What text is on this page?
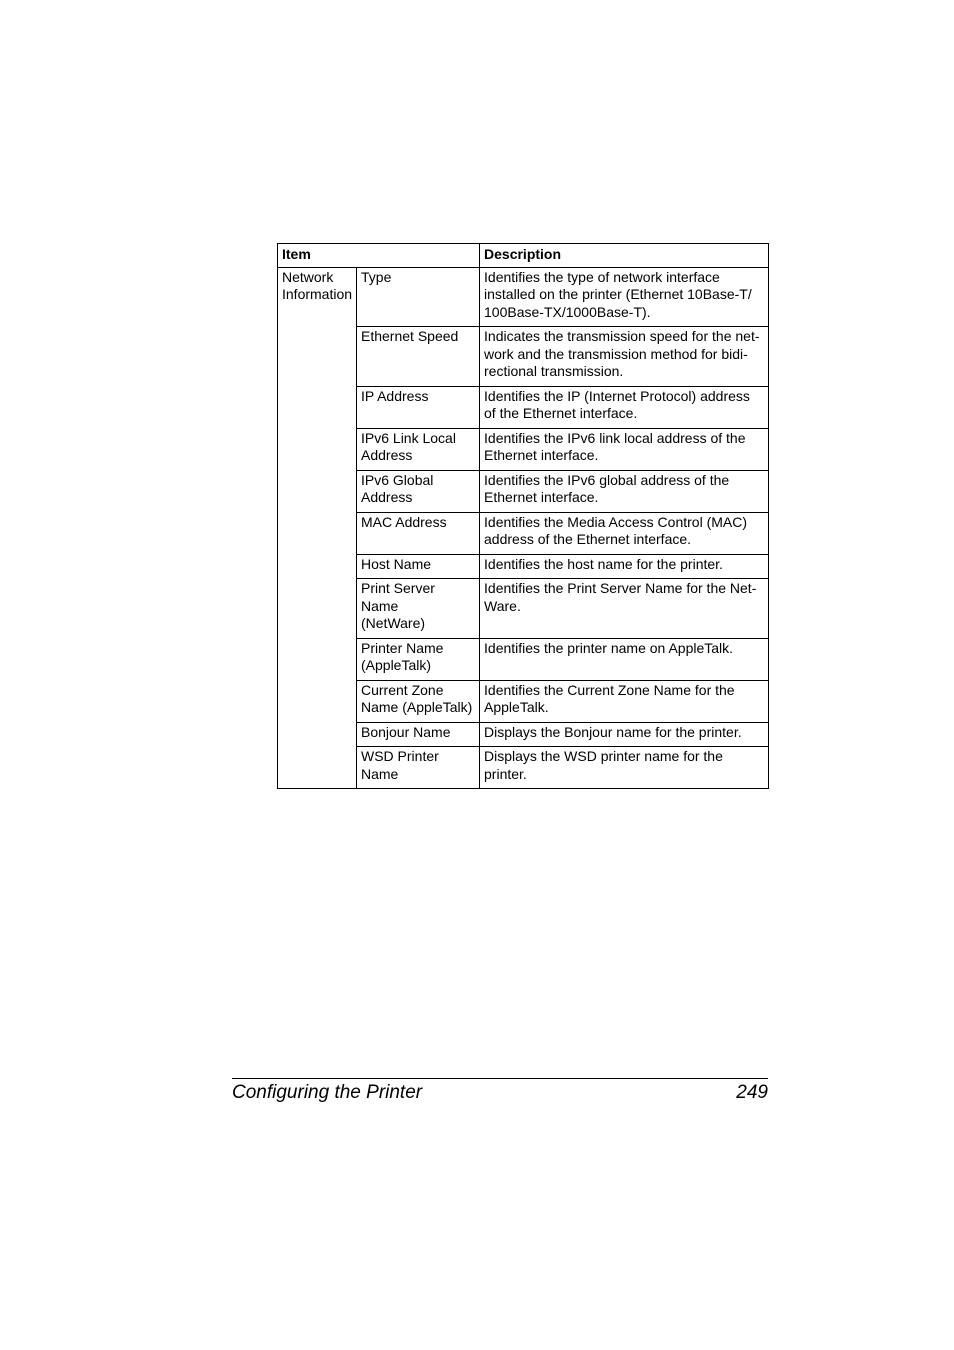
Item		Description
Network
Information	Type	Identifies the type of network interface
installed on the printer (Ethernet 10Base-T/
100Base-TX/1000Base-T).
	Ethernet Speed	Indicates the transmission speed for the net-
work and the transmission method for bidi-
rectional transmission.
	IP Address	Identifies the IP (Internet Protocol) address
of the Ethernet interface.
	IPv6 Link Local
Address	Identifies the IPv6 link local address of the
Ethernet interface.
	IPv6 Global
Address	Identifies the IPv6 global address of the
Ethernet interface.
	MAC Address	Identifies the Media Access Control (MAC)
address of the Ethernet interface.
	Host Name	Identifies the host name for the printer.
	Print Server Name
(NetWare)	Identifies the Print Server Name for the Net-
Ware.
	Printer Name
(AppleTalk)	Identifies the printer name on AppleTalk.
	Current Zone
Name (AppleTalk)	Identifies the Current Zone Name for the
AppleTalk.
	Bonjour Name	Displays the Bonjour name for the printer.
	WSD Printer
Name	Displays the WSD printer name for the
printer.
Configuring the Printer	249
